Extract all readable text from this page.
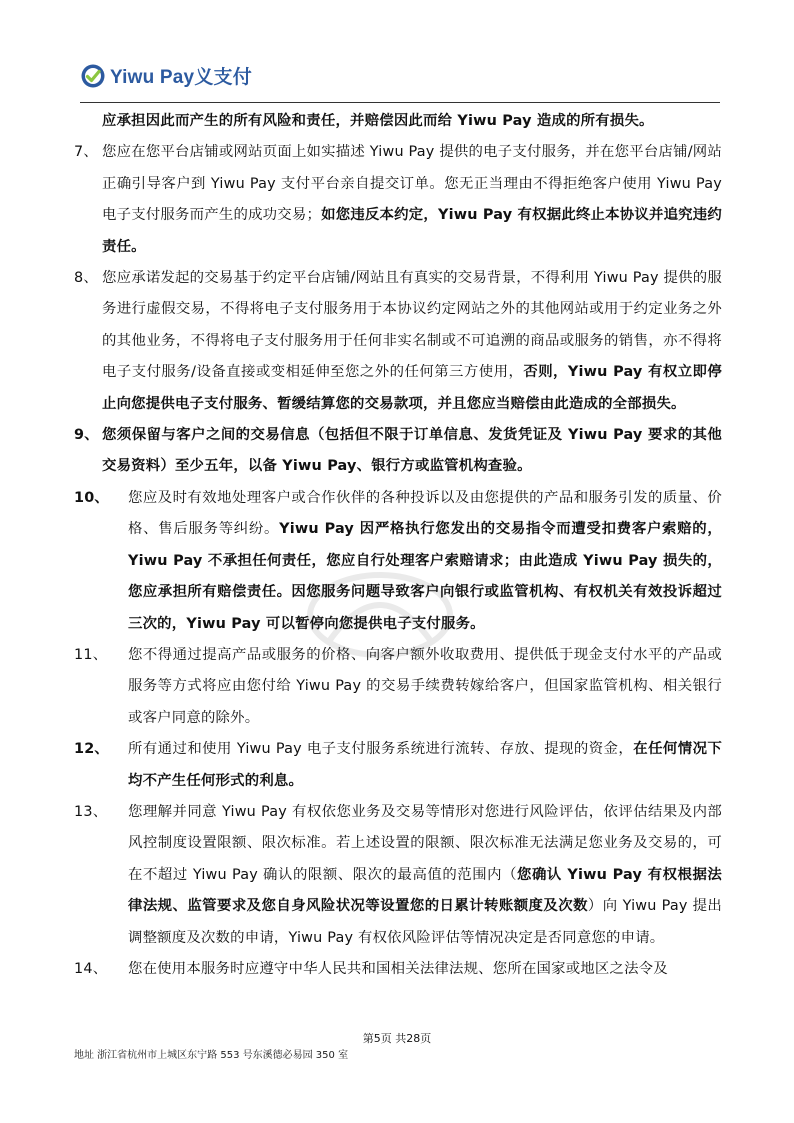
Yiwu Pay义支付
应承担因此而产生的所有风险和责任，并赔偿因此而给 Yiwu Pay 造成的所有损失。
7、 您应在您平台店铺或网站页面上如实描述 Yiwu Pay 提供的电子支付服务，并在您平台店铺/网站正确引导客户到 Yiwu Pay 支付平台亲自提交订单。您无正当理由不得拒绝客户使用 Yiwu Pay 电子支付服务而产生的成功交易；如您违反本约定，Yiwu Pay 有权据此终止本协议并追究违约责任。
8、 您应承诺发起的交易基于约定平台店铺/网站且有真实的交易背景，不得利用 Yiwu Pay 提供的服务进行虚假交易，不得将电子支付服务用于本协议约定网站之外的其他网站或用于约定业务之外的其他业务，不得将电子支付服务用于任何非实名制或不可追溯的商品或服务的销售，亦不得将电子支付服务/设备直接或变相延伸至您之外的任何第三方使用，否则，Yiwu Pay 有权立即停止向您提供电子支付服务、暂缓结算您的交易款项，并且您应当赔偿由此造成的全部损失。
9、 您须保留与客户之间的交易信息（包括但不限于订单信息、发货凭证及 Yiwu Pay 要求的其他交易资料）至少五年，以备 Yiwu Pay、银行方或监管机构查验。
10、	您应及时有效地处理客户或合作伙伴的各种投诉以及由您提供的产品和服务引发的质量、价格、售后服务等纠纷。Yiwu Pay 因严格执行您发出的交易指令而遭受扣费客户索赔的，Yiwu Pay 不承担任何责任，您应自行处理客户索赔请求；由此造成 Yiwu Pay 损失的，您应承担所有赔偿责任。因您服务问题导致客户向银行或监管机构、有权机关有效投诉超过三次的，Yiwu Pay 可以暂停向您提供电子支付服务。
11、	您不得通过提高产品或服务的价格、向客户额外收取费用、提供低于现金支付水平的产品或服务等方式将应由您付给 Yiwu Pay 的交易手续费转嫁给客户，但国家监管机构、相关银行或客户同意的除外。
12、	所有通过和使用 Yiwu Pay 电子支付服务系统进行流转、存放、提现的资金，在任何情况下均不产生任何形式的利息。
13、	您理解并同意 Yiwu Pay 有权依您业务及交易等情形对您进行风险评估，依评估结果及内部风控制度设置限额、限次标准。若上述设置的限额、限次标准无法满足您业务及交易的，可在不超过 Yiwu Pay 确认的限额、限次的最高值的范围内（您确认 Yiwu Pay 有权根据法律法规、监管要求及您自身风险状况等设置您的日累计转账额度及次数）向 Yiwu Pay 提出调整额度及次数的申请，Yiwu Pay 有权依风险评估等情况决定是否同意您的申请。
14、	您在使用本服务时应遵守中华人民共和国相关法律法规、您所在国家或地区之法令及
第5页 共28页
地址 浙江省杭州市上城区东宁路 553 号东溪德必易园 350 室
